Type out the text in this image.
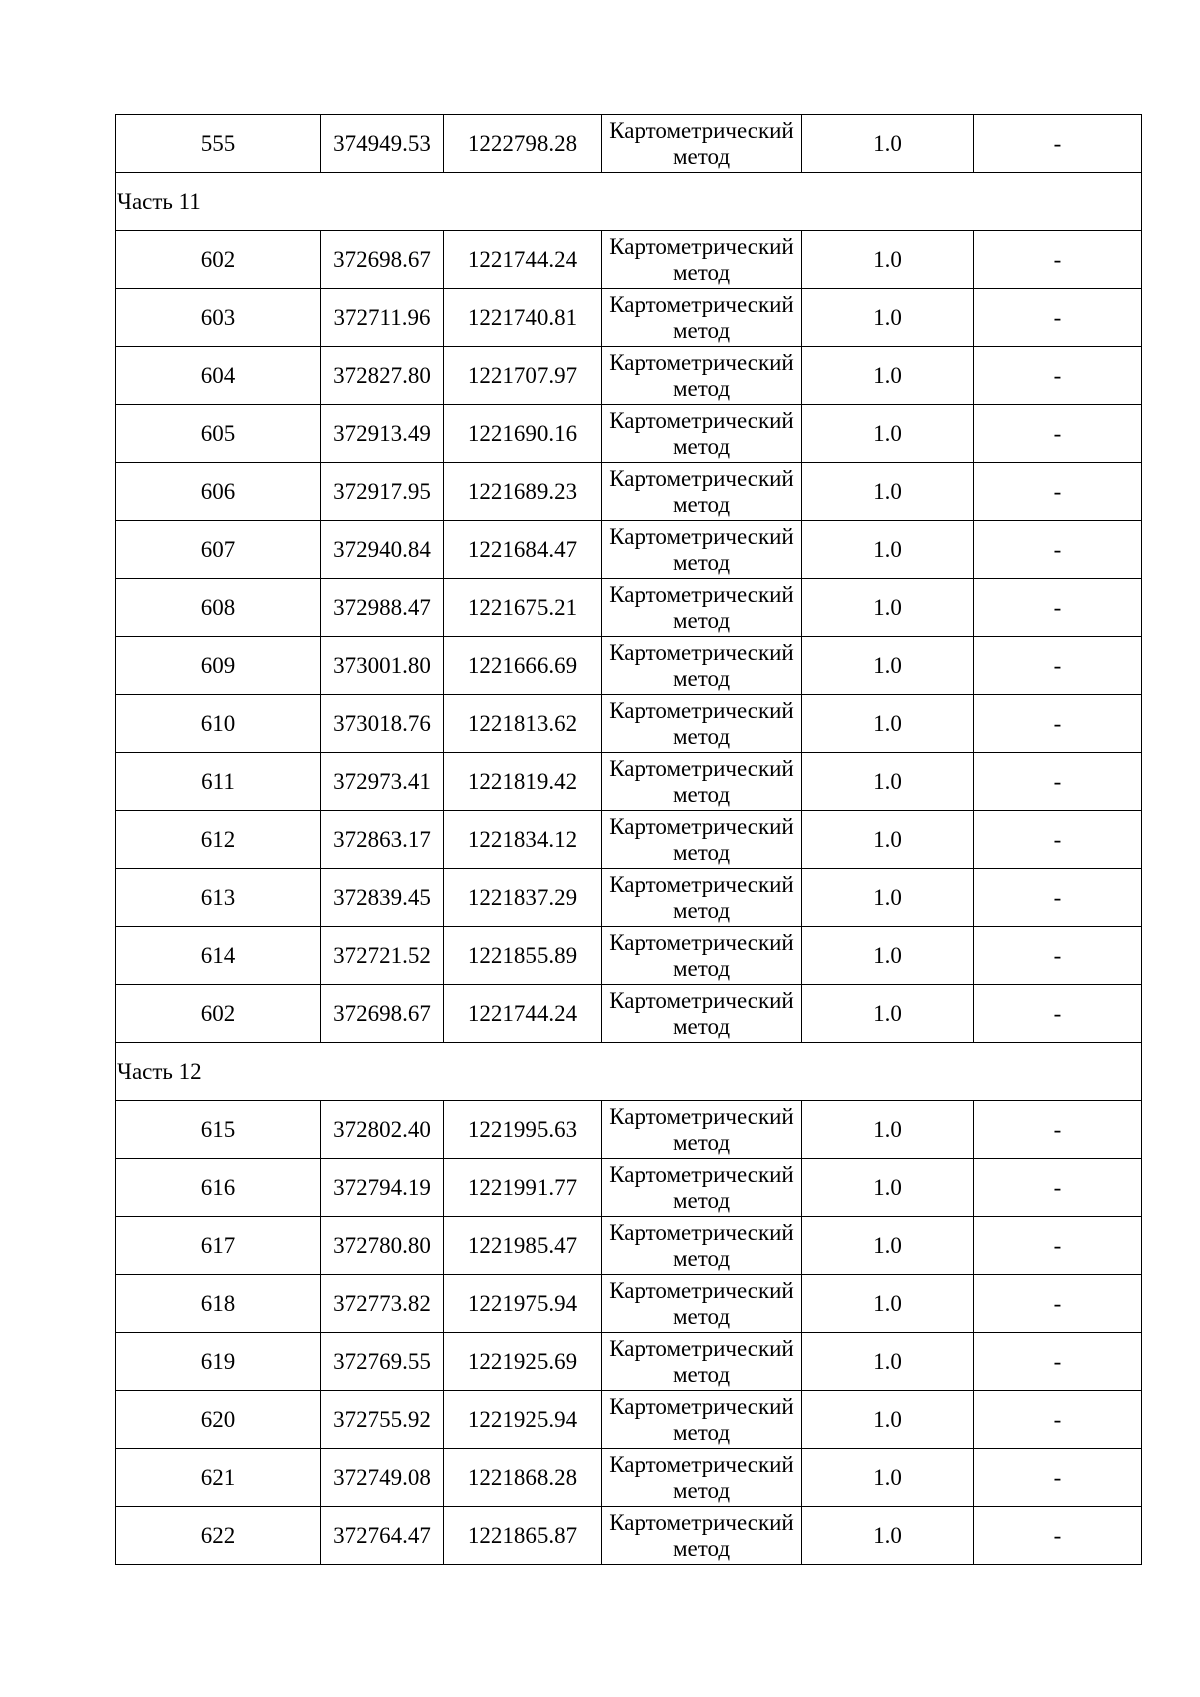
555	374949.53	1222798.28	Картометрический метод	1.0	-
Часть 11					
602	372698.67	1221744.24	Картометрический метод	1.0	-
603	372711.96	1221740.81	Картометрический метод	1.0	-
604	372827.80	1221707.97	Картометрический метод	1.0	-
605	372913.49	1221690.16	Картометрический метод	1.0	-
606	372917.95	1221689.23	Картометрический метод	1.0	-
607	372940.84	1221684.47	Картометрический метод	1.0	-
608	372988.47	1221675.21	Картометрический метод	1.0	-
609	373001.80	1221666.69	Картометрический метод	1.0	-
610	373018.76	1221813.62	Картометрический метод	1.0	-
611	372973.41	1221819.42	Картометрический метод	1.0	-
612	372863.17	1221834.12	Картометрический метод	1.0	-
613	372839.45	1221837.29	Картометрический метод	1.0	-
614	372721.52	1221855.89	Картометрический метод	1.0	-
602	372698.67	1221744.24	Картометрический метод	1.0	-
Часть 12					
615	372802.40	1221995.63	Картометрический метод	1.0	-
616	372794.19	1221991.77	Картометрический метод	1.0	-
617	372780.80	1221985.47	Картометрический метод	1.0	-
618	372773.82	1221975.94	Картометрический метод	1.0	-
619	372769.55	1221925.69	Картометрический метод	1.0	-
620	372755.92	1221925.94	Картометрический метод	1.0	-
621	372749.08	1221868.28	Картометрический метод	1.0	-
622	372764.47	1221865.87	Картометрический метод	1.0	-
